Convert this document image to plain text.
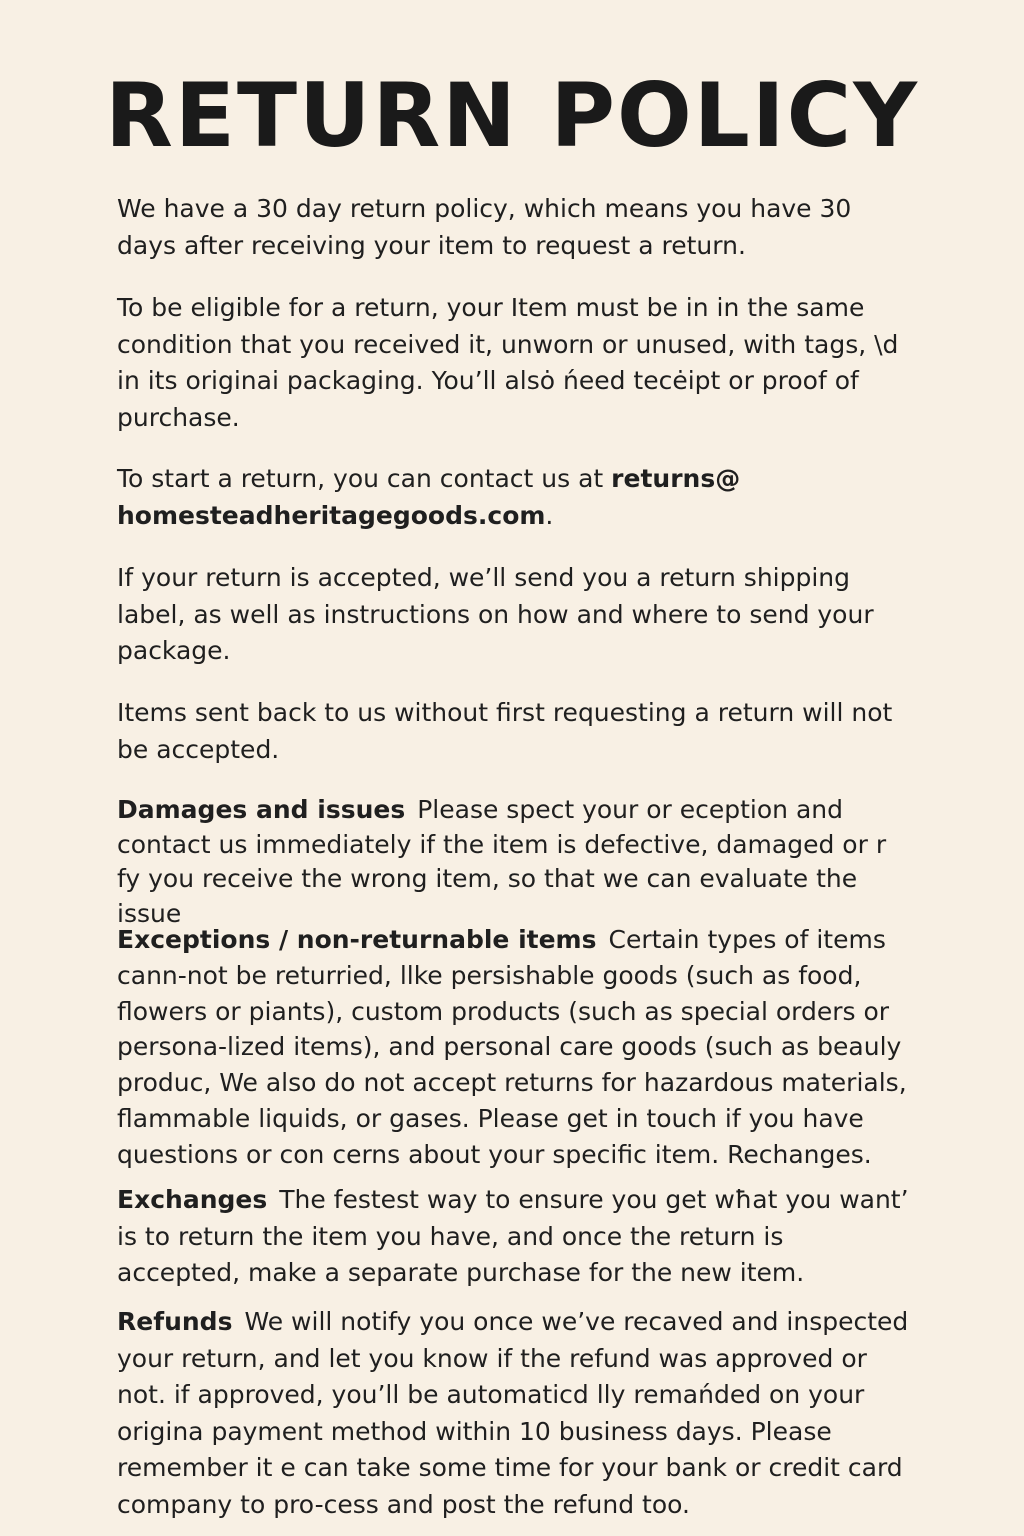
RETURN POLICY

We have a 30 day return policy, which means you have 30 days after receiving your item to request a return.

To be eligible for a return, your Item must be in in the same condition that you received it, unworn or unused, with tags, \d in its originai packaging. You’ll alsȯ ńeed tecėipt or proof of purchase.

To start a return, you can contact us at returns@ homesteadheritagegoods.com.

If your return is accepted, we’ll send you a return shipping label, as well as instructions on how and where to send your package.

Items sent back to us without first requesting a return will not be accepted.

Damages and issues Please spect your or eception and contact us immediately if the item is defective, damaged or r fy you receive the wrong item, so that we can evaluate the issue

Exceptions / non-returnable items Certain types of items cann-not be returried, llke persishable goods (such as food, flowers or piants), custom products (such as special orders or persona-lized items), and personal care goods (such as beauly produc, We also do not accept returns for hazardous materials, flammable liquids, or gases. Please get in touch if you have questions or con cerns about your specific item. Rechanges.

Exchanges The festest way to ensure you get wħat you want’ is to return the item you have, and once the return is accepted, make a separate purchase for the new item.

Refunds We will notify you once we’ve recaved and inspected your return, and let you know if the refund was approved or not. if approved, you’ll be automaticd lly remańded on your origina payment method within 10 business days. Please remember it e can take some time for your bank or credit card company to pro-cess and post the refund too.
